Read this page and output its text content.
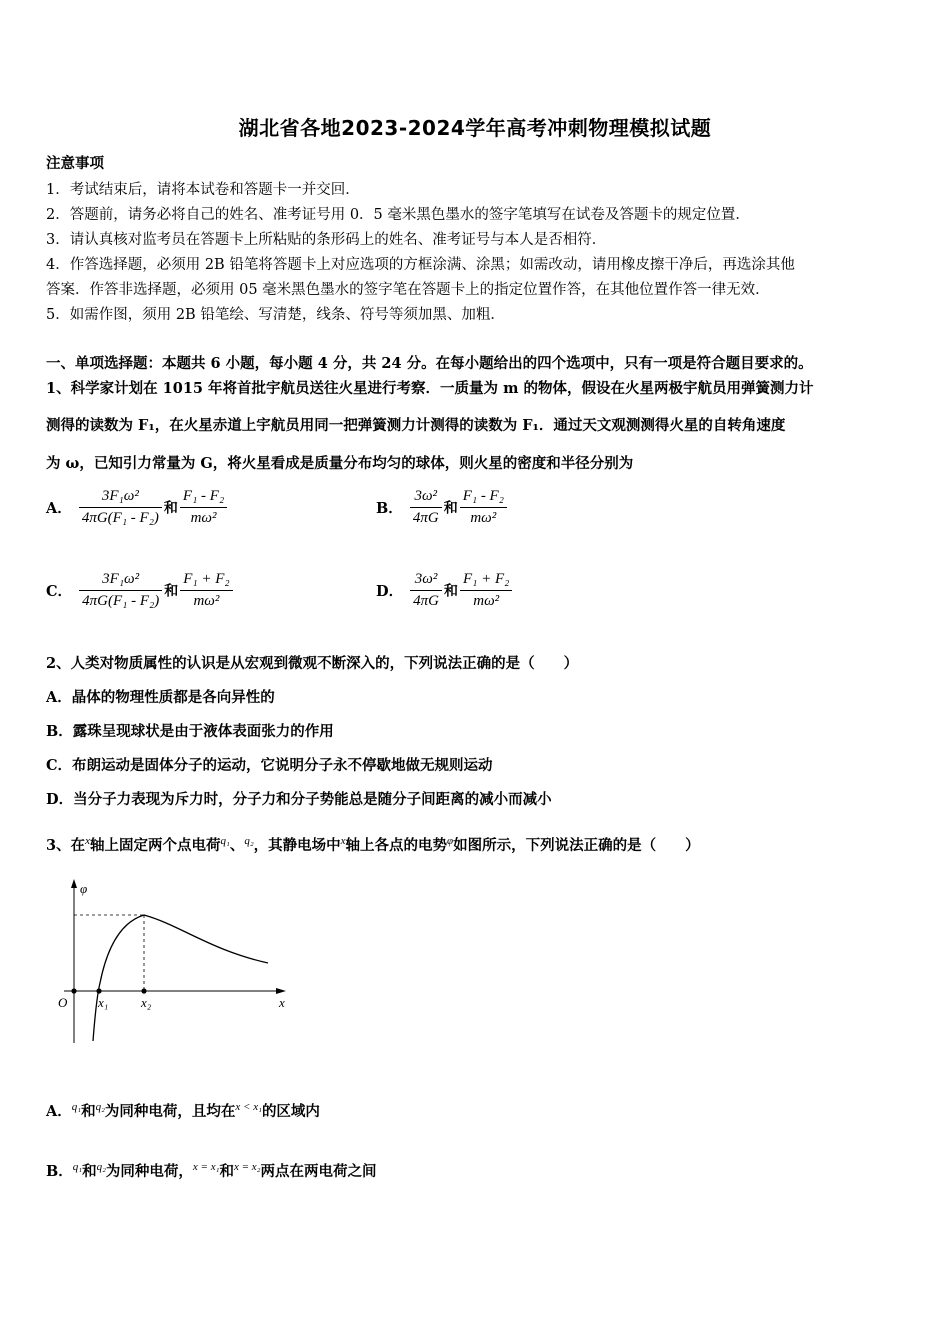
湖北省各地2023-2024学年高考冲刺物理模拟试题
注意事项
1．考试结束后，请将本试卷和答题卡一并交回．
2．答题前，请务必将自己的姓名、准考证号用 0．5 毫米黑色墨水的签字笔填写在试卷及答题卡的规定位置．
3．请认真核对监考员在答题卡上所粘贴的条形码上的姓名、准考证号与本人是否相符．
4．作答选择题，必须用 2B 铅笔将答题卡上对应选项的方框涂满、涂黑；如需改动，请用橡皮擦干净后，再选涂其他
答案．作答非选择题，必须用 05 毫米黑色墨水的签字笔在答题卡上的指定位置作答，在其他位置作答一律无效．
5．如需作图，须用 2B 铅笔绘、写清楚，线条、符号等须加黑、加粗．
一、单项选择题：本题共 6 小题，每小题 4 分，共 24 分。在每小题给出的四个选项中，只有一项是符合题目要求的。
1、科学家计划在 1015 年将首批宇航员送往火星进行考察．一质量为 m 的物体，假设在火星两极宇航员用弹簧测力计
测得的读数为 F₁，在火星赤道上宇航员用同一把弹簧测力计测得的读数为 F₁．通过天文观测测得火星的自转角速度
为 ω，已知引力常量为 G，将火星看成是质量分布均匀的球体，则火星的密度和半径分别为
A． $\frac{\text{3F₁ω²}}{\text{4πG(F₁ - F₂)}}$ 和 $\frac{\text{F₁ - F₂}}{\text{mω²}}$	B． $\frac{\text{3ω²}}{4\pi G}$ 和 $\frac{\text{F₁ - F₂}}{\text{mω²}}$
C． $\frac{\text{3F₁ω²}}{\text{4πG(F₁ - F₂)}}$ 和 $\frac{\text{F₁ + F₂}}{\text{mω²}}$	D． $\frac{\text{3ω²}}{4\pi G}$ 和 $\frac{\text{F₁ + F₂}}{\text{mω²}}$
2、人类对物质属性的认识是从宏观到微观不断深入的，下列说法正确的是（　　）
A．晶体的物理性质都是各向异性的
B．露珠呈现球状是由于液体表面张力的作用
C．布朗运动是固体分子的运动，它说明分子永不停歇地做无规则运动
D．当分子力表现为斥力时，分子力和分子势能总是随分子间距离的减小而减小
3、在$^x$轴上固定两个点电荷$^{q_1}$、$^{q_2}$，其静电场中$^x$轴上各点的电势$^\varphi$如图所示，下列说法正确的是（　　）
φ
O x₁	x₂	x
A．$^{q_1}$和$^{q_2}$为同种电荷，且均在$^{x < x_1}$的区域内
B．$^{q_1}$和$^{q_2}$为同种电荷，$^{x = x_1}$和$^{x = x_2}$两点在两电荷之间
